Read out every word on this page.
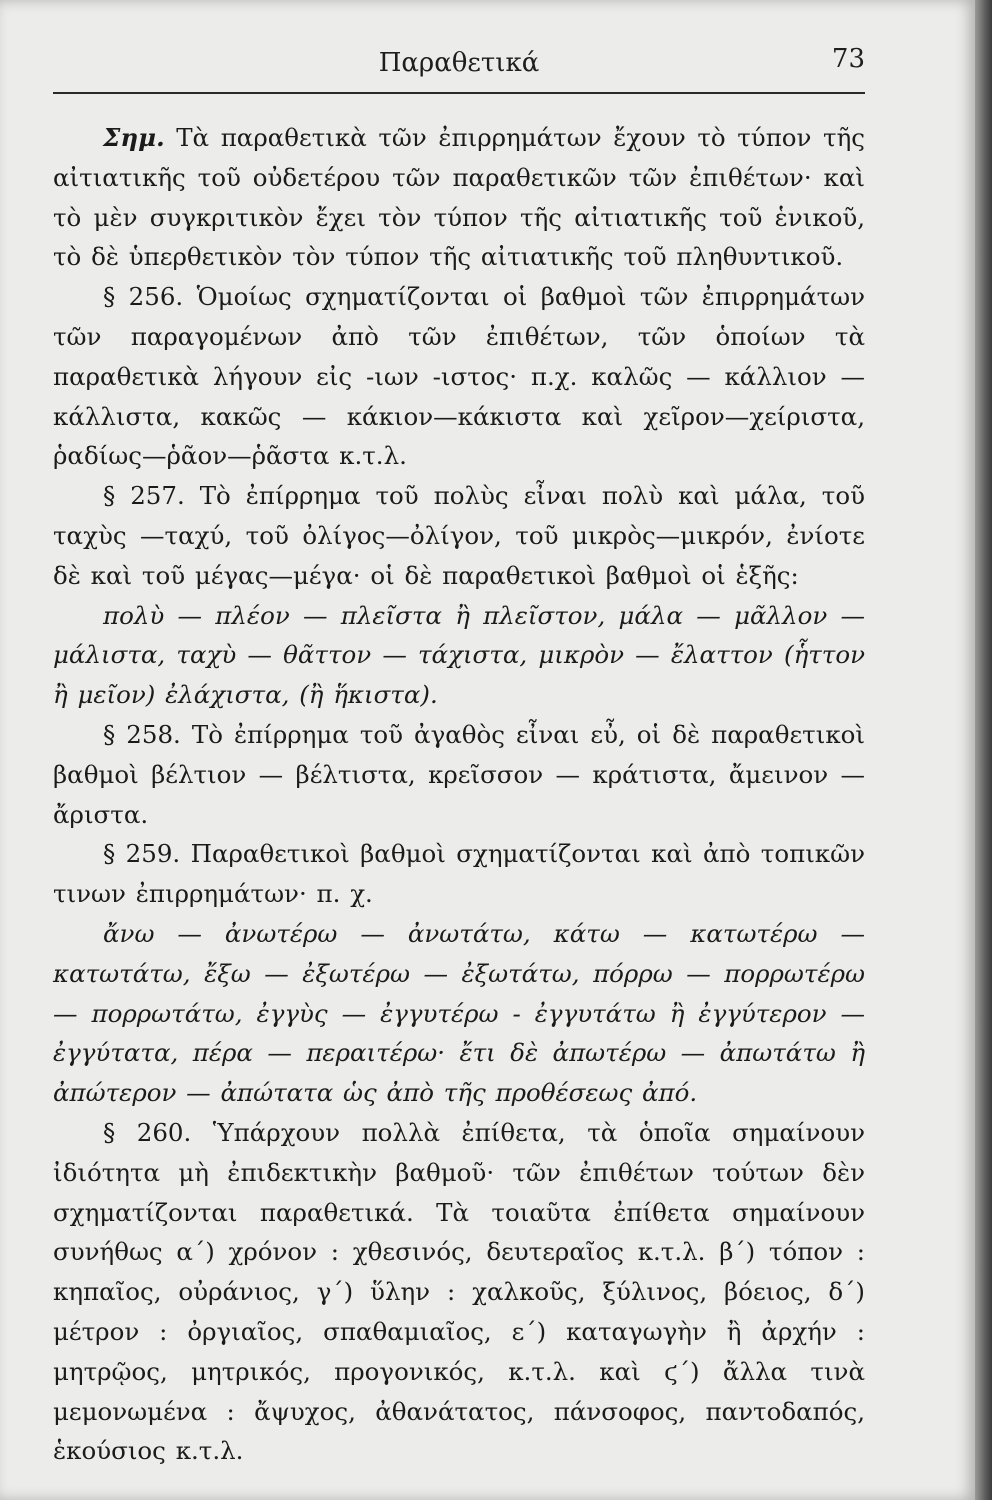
Παραθετικά	73

Σημ. Τὰ παραθετικὰ τῶν ἐπιρρημάτων ἔχουν τὸ τύπον τῆς αἰτιατικῆς τοῦ οὐδετέρου τῶν παραθετικῶν τῶν ἐπιθέτων· καὶ τὸ μὲν συγκριτικὸν ἔχει τὸν τύπον τῆς αἰτιατικῆς τοῦ ἑνικοῦ, τὸ δὲ ὑπερθετικὸν τὸν τύπον τῆς αἰτιατικῆς τοῦ πληθυντικοῦ.

§ 256. Ὁμοίως σχηματίζονται οἱ βαθμοὶ τῶν ἐπιρρημάτων τῶν παραγομένων ἀπὸ τῶν ἐπιθέτων, τῶν ὁποίων τὰ παραθετικὰ λήγουν εἰς -ιων -ιστος· π.χ. καλῶς — κάλλιον — κάλλιστα, κακῶς — κάκιον—κάκιστα καὶ χεῖρον—χείριστα, ῥαδίως—ῥᾶον—ῥᾶστα κ.τ.λ.

§ 257. Τὸ ἐπίρρημα τοῦ πολὺς εἶναι πολὺ καὶ μάλα, τοῦ ταχὺς —ταχύ, τοῦ ὀλίγος—ὀλίγον, τοῦ μικρὸς—μικρόν, ἐνίοτε δὲ καὶ τοῦ μέγας—μέγα· οἱ δὲ παραθετικοὶ βαθμοὶ οἱ ἑξῆς:

πολὺ — πλέον — πλεῖστα ἢ πλεῖστον, μάλα — μᾶλλον — μάλιστα, ταχὺ — θᾶττον — τάχιστα, μικρὸν — ἔλαττον (ἧττον ἢ μεῖον) ἐλάχιστα, (ἢ ἥκιστα).

§ 258. Τὸ ἐπίρρημα τοῦ ἀγαθὸς εἶναι εὖ, οἱ δὲ παραθετικοὶ βαθμοὶ βέλτιον — βέλτιστα, κρεῖσσον — κράτιστα, ἄμεινον — ἄριστα.

§ 259. Παραθετικοὶ βαθμοὶ σχηματίζονται καὶ ἀπὸ τοπικῶν τινων ἐπιρρημάτων· π. χ.

ἄνω — ἀνωτέρω — ἀνωτάτω, κάτω — κατωτέρω — κατωτάτω, ἔξω — ἐξωτέρω — ἐξωτάτω, πόρρω — πορρωτέρω — πορρωτάτω, ἐγγὺς — ἐγγυτέρω - ἐγγυτάτω ἢ ἐγγύτερον — ἐγγύτατα, πέρα — περαιτέρω· ἔτι δὲ ἀπωτέρω — ἀπωτάτω ἢ ἀπώτερον — ἀπώτατα ὡς ἀπὸ τῆς προθέσεως ἀπό.

§ 260. Ὑπάρχουν πολλὰ ἐπίθετα, τὰ ὁποῖα σημαίνουν ἰδιότητα μὴ ἐπιδεκτικὴν βαθμοῦ· τῶν ἐπιθέτων τούτων δὲν σχηματίζονται παραθετικά. Τὰ τοιαῦτα ἐπίθετα σημαίνουν συνήθως α΄) χρόνον : χθεσινός, δευτεραῖος κ.τ.λ. β΄) τόπον : κηπαῖος, οὐράνιος, γ΄) ὕλην : χαλκοῦς, ξύλινος, βόειος, δ΄) μέτρον : ὀργιαῖος, σπαθαμιαῖος, ε΄) καταγωγὴν ἢ ἀρχήν : μητρῷος, μητρικός, προγονικός, κ.τ.λ. καὶ ϛ΄) ἄλλα τινὰ μεμονωμένα : ἄψυχος, ἀθανάτατος, πάνσοφος, παντοδαπός, ἑκούσιος κ.τ.λ.
